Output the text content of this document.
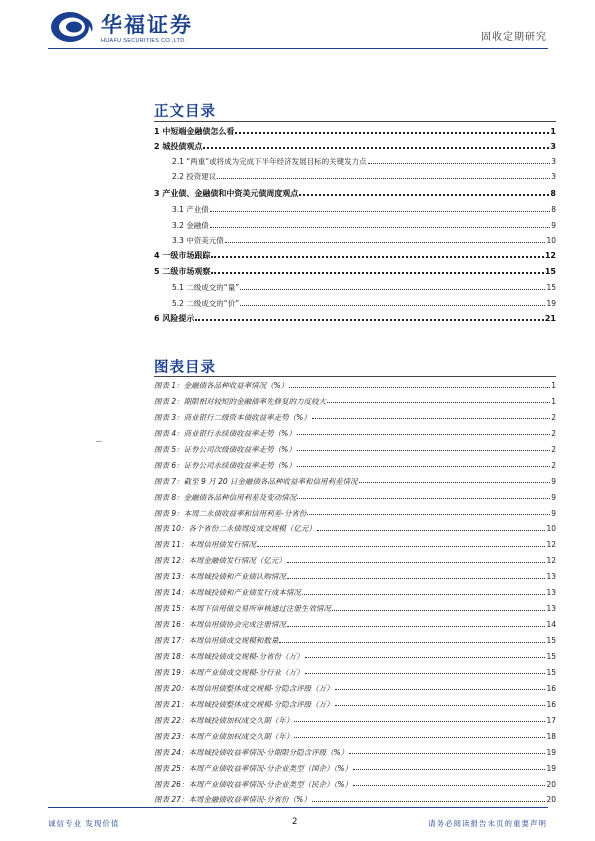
华福证券
HUAFU SECURITIES CO.,LTD.	固收定期研究
正文目录
1 中短端金融债怎么看	1
2 城投债观点	3
2.1 “两重”或将成为完成下半年经济发展目标的关键发力点	3
2.2 投资建议	3
3 产业债、金融债和中资美元债周度观点	8
3.1 产业债	8
3.2 金融债	9
3.3 中资美元债	10
4 一级市场跟踪	12
5 二级市场观察	15
5.1 二级成交的“量”	15
5.2 二级成交的“价”	19
6 风险提示	21
图表目录
图表 1：金融债各品种收益率情况（%）	1
图表 2：期限相对较短的金融债率先修复的力度较大	1
图表 3：商业银行二级资本债收益率走势（%）	2
图表 4：商业银行永续债收益率走势（%）	2
图表 5：证券公司次级债收益率走势（%）	2
图表 6：证券公司永续债收益率走势（%）	2
图表 7：截至 9 月 20 日金融债各品种收益率和信用利差情况	9
图表 8：金融债各品种信用利差及变动情况	9
图表 9：本周二永债收益率和信用利差-分省份	9
图表 10：各个省份二永债周度成交规模（亿元）	10
图表 11：本周信用债发行情况	12
图表 12：本周金融债发行情况（亿元）	12
图表 13：本周城投债和产业债认购情况	13
图表 14：本周城投债和产业债发行成本情况	13
图表 15：本周下信用债交易所审核通过注册生效情况	13
图表 16：本周信用债协会完成注册情况	14
图表 17：本周信用债成交规模和数量	15
图表 18：本周城投债成交规模-分省份（万）	15
图表 19：本周产业债成交规模-分行业（万）	15
图表 20：本周信用债整体成交规模-分隐含评级（万）	16
图表 21：本周城投债整体成交规模-分隐含评级（万）	16
图表 22：本周城投债加权成交久期（年）	17
图表 23：本周产业债加权成交久期（年）	18
图表 24：本周城投债收益率情况-分期限分隐含评级（%）	19
图表 25：本周产业债收益率情况-分企业类型（国企）（%）	19
图表 26：本周产业债收益率情况-分企业类型（民企）（%）	20
图表 27：本周金融债收益率情况-分省份（%）	20
诚信专业 发现价值	2	请务必阅读报告末页的重要声明
